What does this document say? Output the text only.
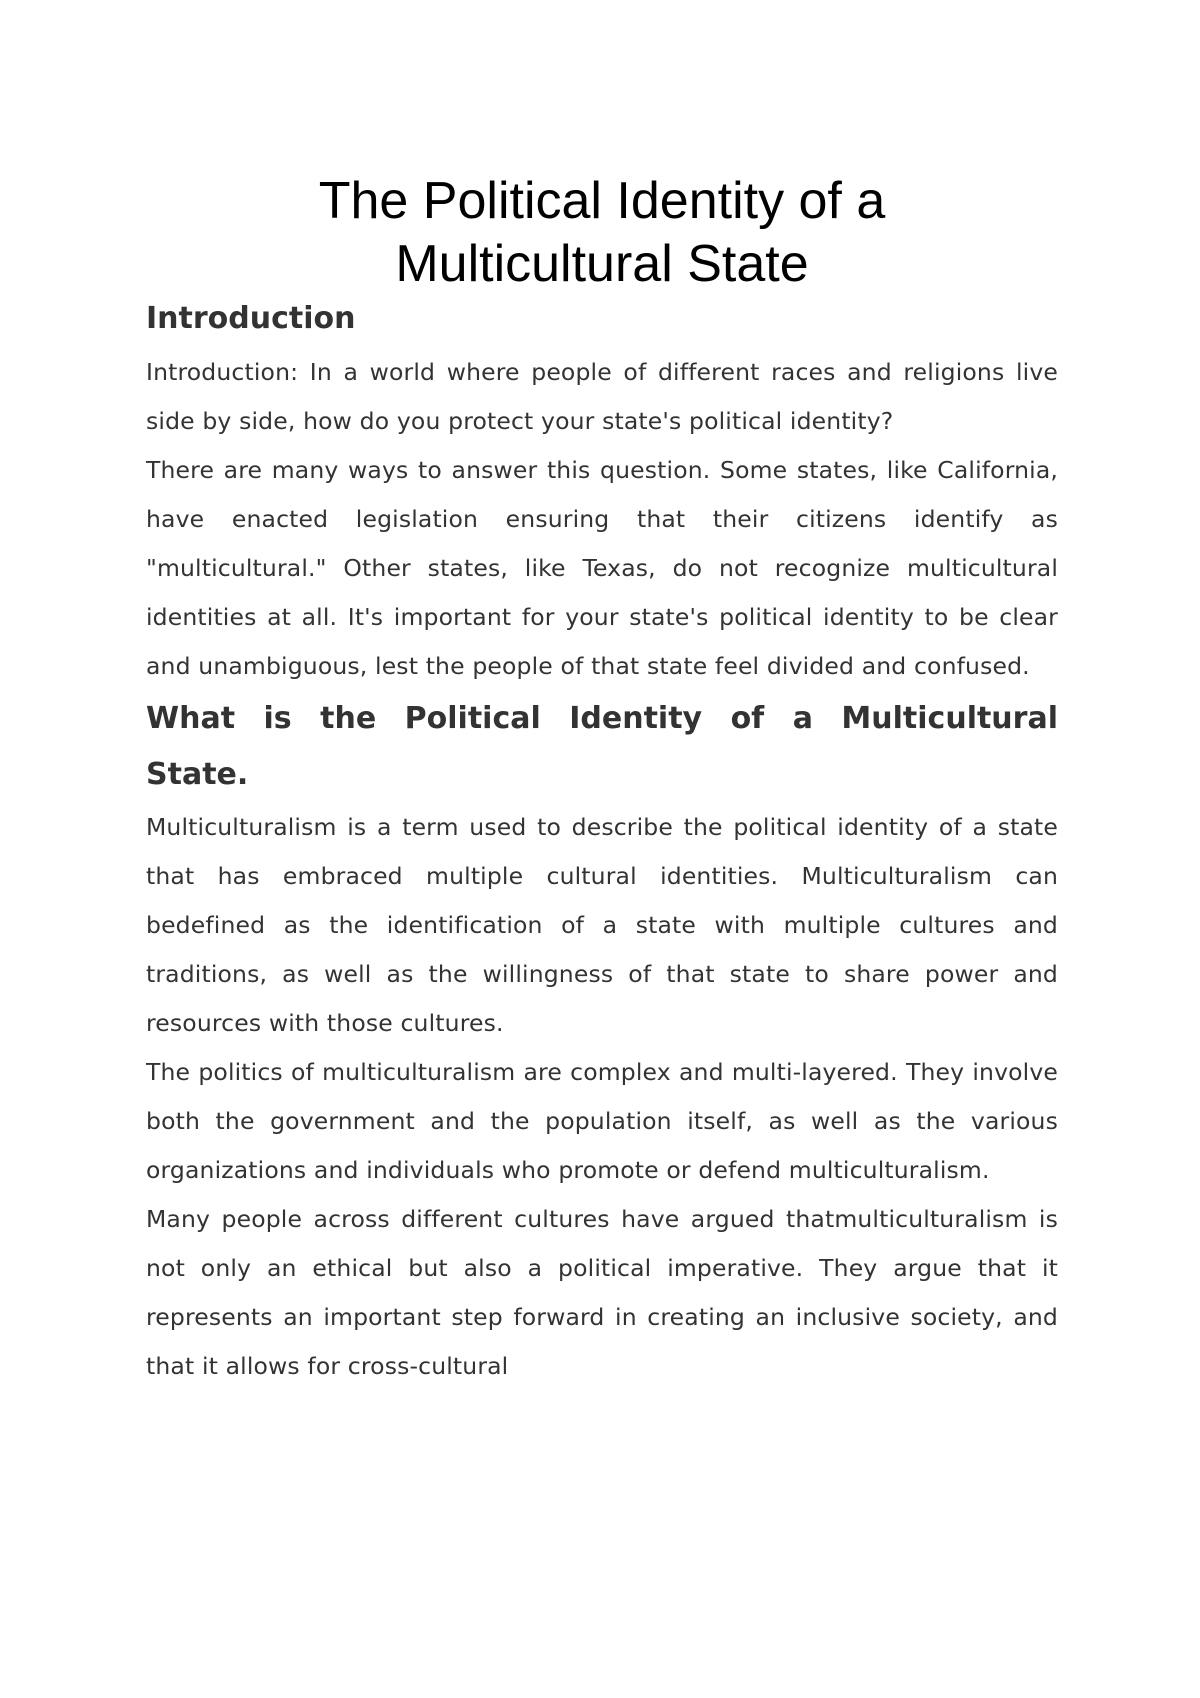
The Political Identity of a
Multicultural State
Introduction

Introduction: In a world where people of different races and religions live side by side, how do you protect your state's political identity?

There are many ways to answer this question. Some states, like California, have enacted legislation ensuring that their citizens identify as "multicultural." Other states, like Texas, do not recognize multicultural identities at all. It's important for your state's political identity to be clear and unambiguous, lest the people of that state feel divided and confused.

What is the Political Identity of a Multicultural State.

Multiculturalism is a term used to describe the political identity of a state that has embraced multiple cultural identities. Multiculturalism can bedefined as the identification of a state with multiple cultures and traditions, as well as the willingness of that state to share power and resources with those cultures.

The politics of multiculturalism are complex and multi-layered. They involve both the government and the population itself, as well as the various organizations and individuals who promote or defend multiculturalism.

Many people across different cultures have argued thatmulticulturalism is not only an ethical but also a political imperative. They argue that it represents an important step forward in creating an inclusive society, and that it allows for cross-cultural
